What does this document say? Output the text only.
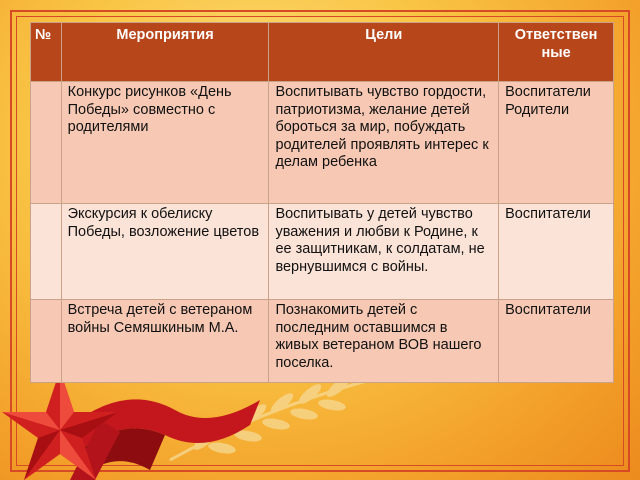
№	Мероприятия	Цели	Ответствен ные
	Конкурс рисунков «День Победы» совместно с родителями	Воспитывать чувство гордости, патриотизма, желание детей бороться за мир, побуждать родителей проявлять интерес к делам ребенка	Воспитатели Родители
	Экскурсия к обелиску Победы, возложение цветов	Воспитывать у детей чувство уважения и любви к Родине, к ее защитникам, к солдатам, не вернувшимся с войны.	Воспитатели
	Встреча детей с ветераном войны Семяшкиным М.А.	Познакомить детей с последним оставшимся в живых ветераном ВОВ нашего поселка.	Воспитатели
